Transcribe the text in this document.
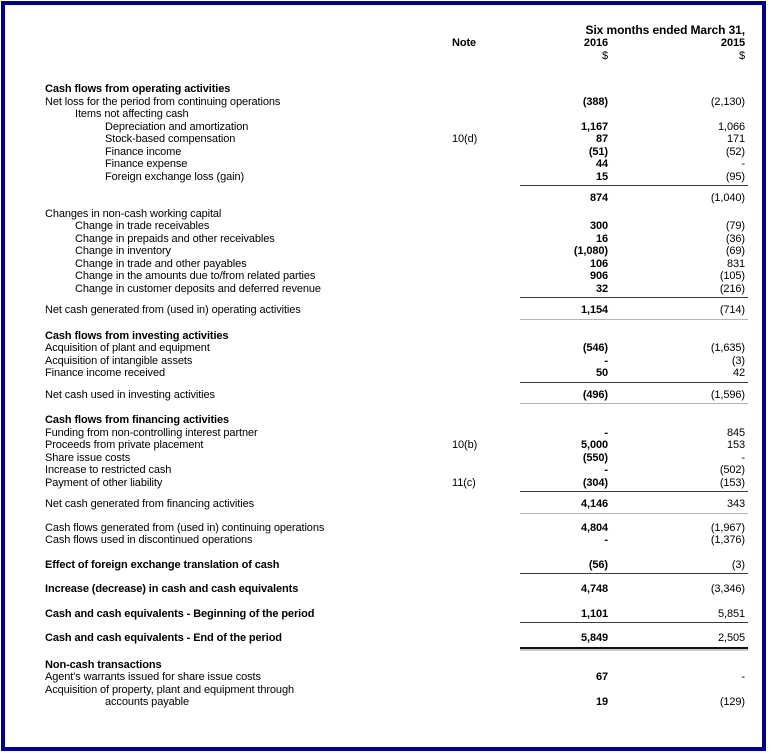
Six months ended March 31,
Note	2016	2015
$	$
Cash flows from operating activities
Net loss for the period from continuing operations	(388)	(2,130)
Items not affecting cash
Depreciation and amortization	1,167	1,066
Stock-based compensation	10(d)	87	171
Finance income	(51)	(52)
Finance expense	44	-
Foreign exchange loss (gain)	15	(95)
874	(1,040)
Changes in non-cash working capital
Change in trade receivables	300	(79)
Change in prepaids and other receivables	16	(36)
Change in inventory	(1,080)	(69)
Change in trade and other payables	106	831
Change in the amounts due to/from related parties	906	(105)
Change in customer deposits and deferred revenue	32	(216)
Net cash generated from (used in) operating activities	1,154	(714)
Cash flows from investing activities
Acquisition of plant and equipment	(546)	(1,635)
Acquisition of intangible assets	-	(3)
Finance income received	50	42
Net cash used in investing activities	(496)	(1,596)
Cash flows from financing activities
Funding from non-controlling interest partner	-	845
Proceeds from private placement	10(b)	5,000	153
Share issue costs	(550)	-
Increase to restricted cash	-	(502)
Payment of other liability	11(c)	(304)	(153)
Net cash generated from financing activities	4,146	343
Cash flows generated from (used in) continuing operations	4,804	(1,967)
Cash flows used in discontinued operations	-	(1,376)
Effect of foreign exchange translation of cash	(56)	(3)
Increase (decrease) in cash and cash equivalents	4,748	(3,346)
Cash and cash equivalents - Beginning of the period	1,101	5,851
Cash and cash equivalents - End of the period	5,849	2,505
Non-cash transactions
Agent's warrants issued for share issue costs	67	-
Acquisition of property, plant and equipment through
accounts payable	19	(129)
